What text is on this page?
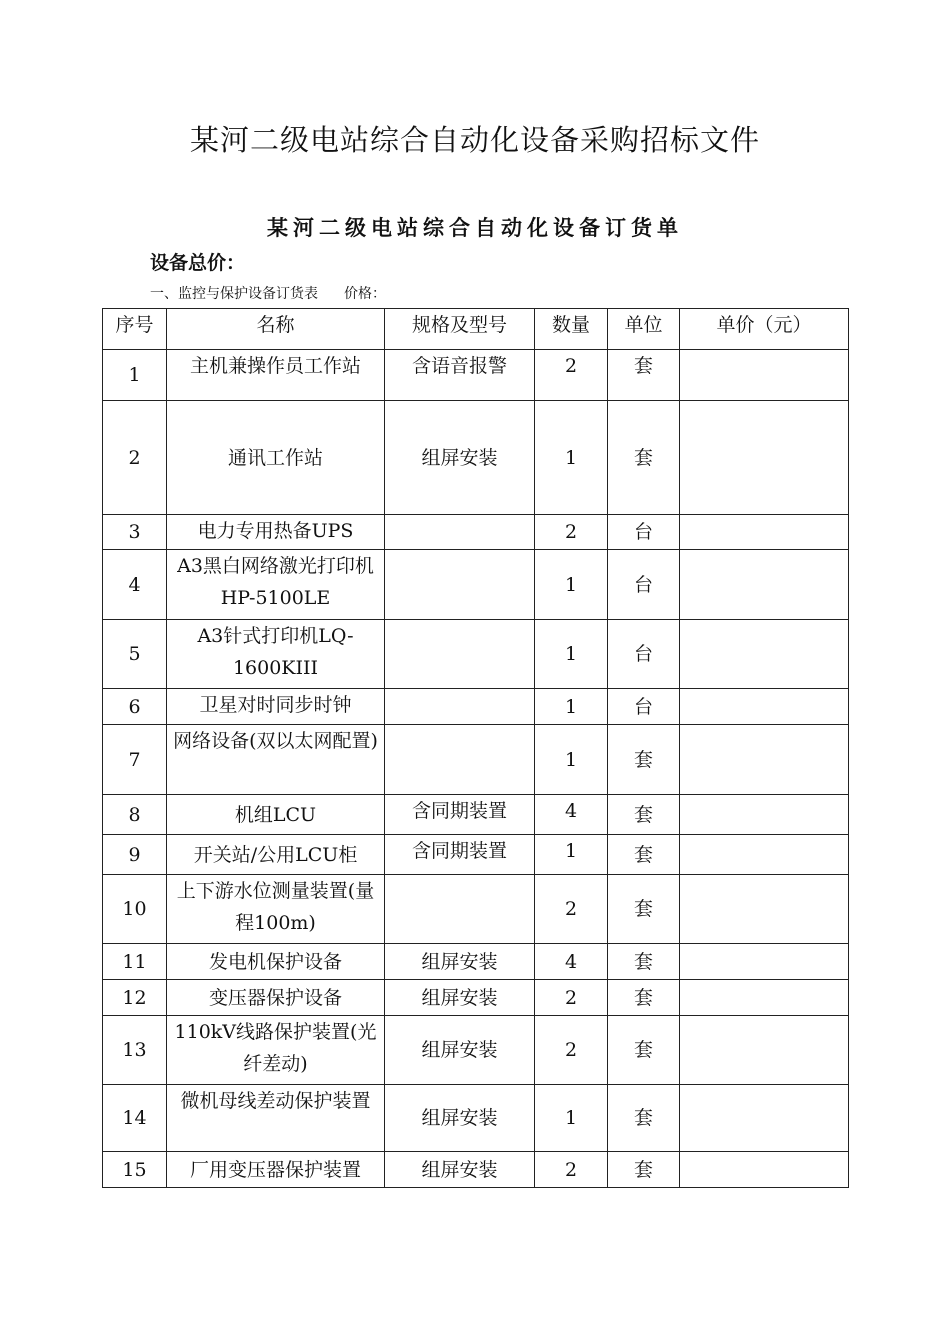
某河二级电站综合自动化设备采购招标文件
某河二级电站综合自动化设备订货单
设备总价：
一、监控与保护设备订货表 价格：
序号	名称	规格及型号	数量	单位	单价（元）
1	主机兼操作员工作站	含语音报警	2	套	
2	通讯工作站	组屏安装	1	套	
3	电力专用热备UPS		2	台	
4	A3黑白网络激光打印机HP-5100LE		1	台	
5	A3针式打印机LQ-1600KIII		1	台	
6	卫星对时同步时钟		1	台	
7	网络设备(双以太网配置)		1	套	
8	机组LCU	含同期装置	4	套	
9	开关站/公用LCU柜	含同期装置	1	套	
10	上下游水位测量装置(量程100m)		2	套	
11	发电机保护设备	组屏安装	4	套	
12	变压器保护设备	组屏安装	2	套	
13	110kV线路保护装置(光纤差动)	组屏安装	2	套	
14	微机母线差动保护装置	组屏安装	1	套	
15	厂用变压器保护装置	组屏安装	2	套	
